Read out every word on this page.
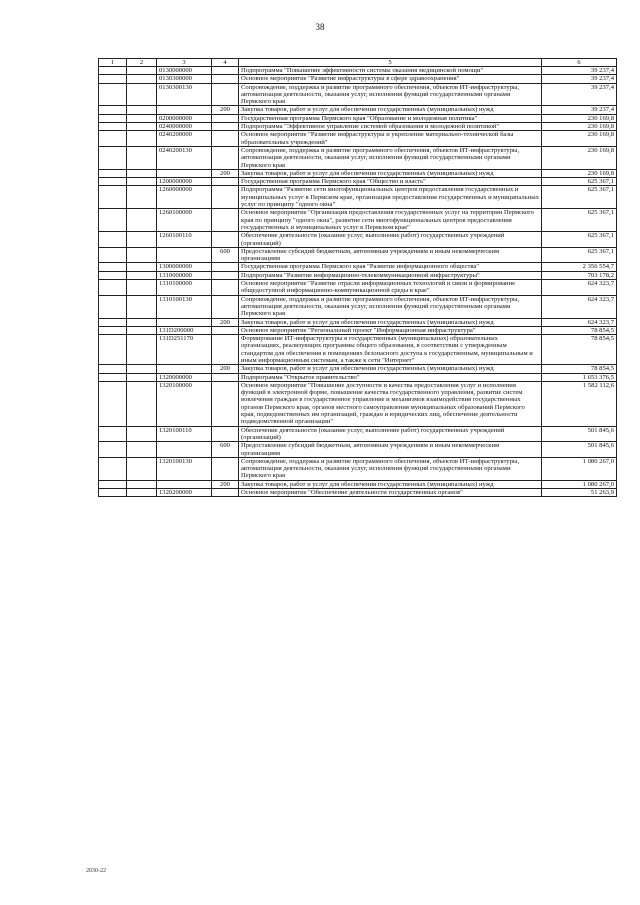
38
1	2	3	4	5	6
		0130000000		Подпрограмма "Повышение эффективности системы оказания медицинской помощи"	39 237,4
		0130300000		Основное мероприятие "Развитие инфраструктуры в сфере здравоохранения"	39 237,4
		0130300130		Сопровождение, поддержка и развитие программного обеспечения, объектов ИТ-инфраструктуры, автоматизация деятельности, оказания услуг, исполнения функций государственными органами Пермского края	39 237,4
			200	Закупка товаров, работ и услуг для обеспечения государственных (муниципальных) нужд	39 237,4
		0200000000		Государственная программа Пермского края "Образование и молодежная политика"	230 169,8
		0240000000		Подпрограмма "Эффективное управление системой образования и молодежной политикой"	230 169,8
		0240200000		Основное мероприятие "Развитие инфраструктуры и укрепление материально-технической базы образовательных учреждений"	230 169,8
		0240200130		Сопровождение, поддержка и развитие программного обеспечения, объектов ИТ-инфраструктуры, автоматизация деятельности, оказания услуг, исполнения функций государственными органами Пермского края	230 169,8
			200	Закупка товаров, работ и услуг для обеспечения государственных (муниципальных) нужд	230 169,8
		1200000000		Государственная программа Пермского края "Общество и власть"	625 367,1
		1260000000		Подпрограмма "Развитие сети многофункциональных центров предоставления государственных и муниципальных услуг в Пермском крае, организация предоставления государственных и муниципальных услуг по принципу "одного окна"	625 367,1
		1260100000		Основное мероприятие "Организация предоставления государственных услуг на территории Пермского края по принципу "одного окна", развитие сети многофункциональных центров предоставления государственных и муниципальных услуг в Пермском крае"	625 367,1
		1260100110		Обеспечение деятельности (оказание услуг, выполнение работ) государственных учреждений (организаций)	625 367,1
			600	Предоставление субсидий бюджетным, автономным учреждениям и иным некоммерческим организациям	625 367,1
		1300000000		Государственная программа Пермского края "Развитие информационного общества"	2 356 554,7
		1310000000		Подпрограмма "Развитие информационно-телекоммуникационной инфраструктуры"	703 178,2
		1310100000		Основное мероприятие "Развитие отрасли информационных технологий и связи и формирование общедоступной информационно-коммуникационной среды в крае"	624 323,7
		1310100130		Сопровождение, поддержка и развитие программного обеспечения, объектов ИТ-инфраструктуры, автоматизация деятельности, оказания услуг, исполнения функций государственными органами Пермского края	624 323,7
			200	Закупка товаров, работ и услуг для обеспечения государственных (муниципальных) нужд	624 323,7
		131D200000		Основное мероприятие "Региональный проект "Информационная инфраструктура"	78 854,5
		131D251170		Формирование ИТ-инфраструктуры в государственных (муниципальных) образовательных организациях, реализующих программы общего образования, в соответствии с утвержденным стандартом для обеспечения в помещениях безопасного доступа к государственным, муниципальным и иным информационным системам, а также к сети "Интернет"	78 854,5
			200	Закупка товаров, работ и услуг для обеспечения государственных (муниципальных) нужд	78 854,5
		1320000000		Подпрограмма "Открытое правительство"	1 653 376,5
		1320100000		Основное мероприятие "Повышение доступности и качества предоставления услуг и исполнения функций в электронной форме, повышение качества государственного управления, развитие систем вовлечения граждан в государственное управление и механизмов взаимодействия государственных органов Пермского края, органов местного самоуправления муниципальных образований Пермского края, подведомственных им организаций, граждан и юридических лиц, обеспечение деятельности подведомственной организации"	1 582 112,6
		1320100110		Обеспечение деятельности (оказание услуг, выполнение работ) государственных учреждений (организаций)	501 845,6
			600	Предоставление субсидий бюджетным, автономным учреждениям и иным некоммерческим организациям	501 845,6
		1320100130		Сопровождение, поддержка и развитие программного обеспечения, объектов ИТ-инфраструктуры, автоматизация деятельности, оказания услуг, исполнения функций государственными органами Пермского края	1 080 267,0
			200	Закупка товаров, работ и услуг для обеспечения государственных (муниципальных) нужд	1 080 267,0
		1320200000		Основное мероприятие "Обеспечение деятельности государственных органов"	51 263,9
2030-22
